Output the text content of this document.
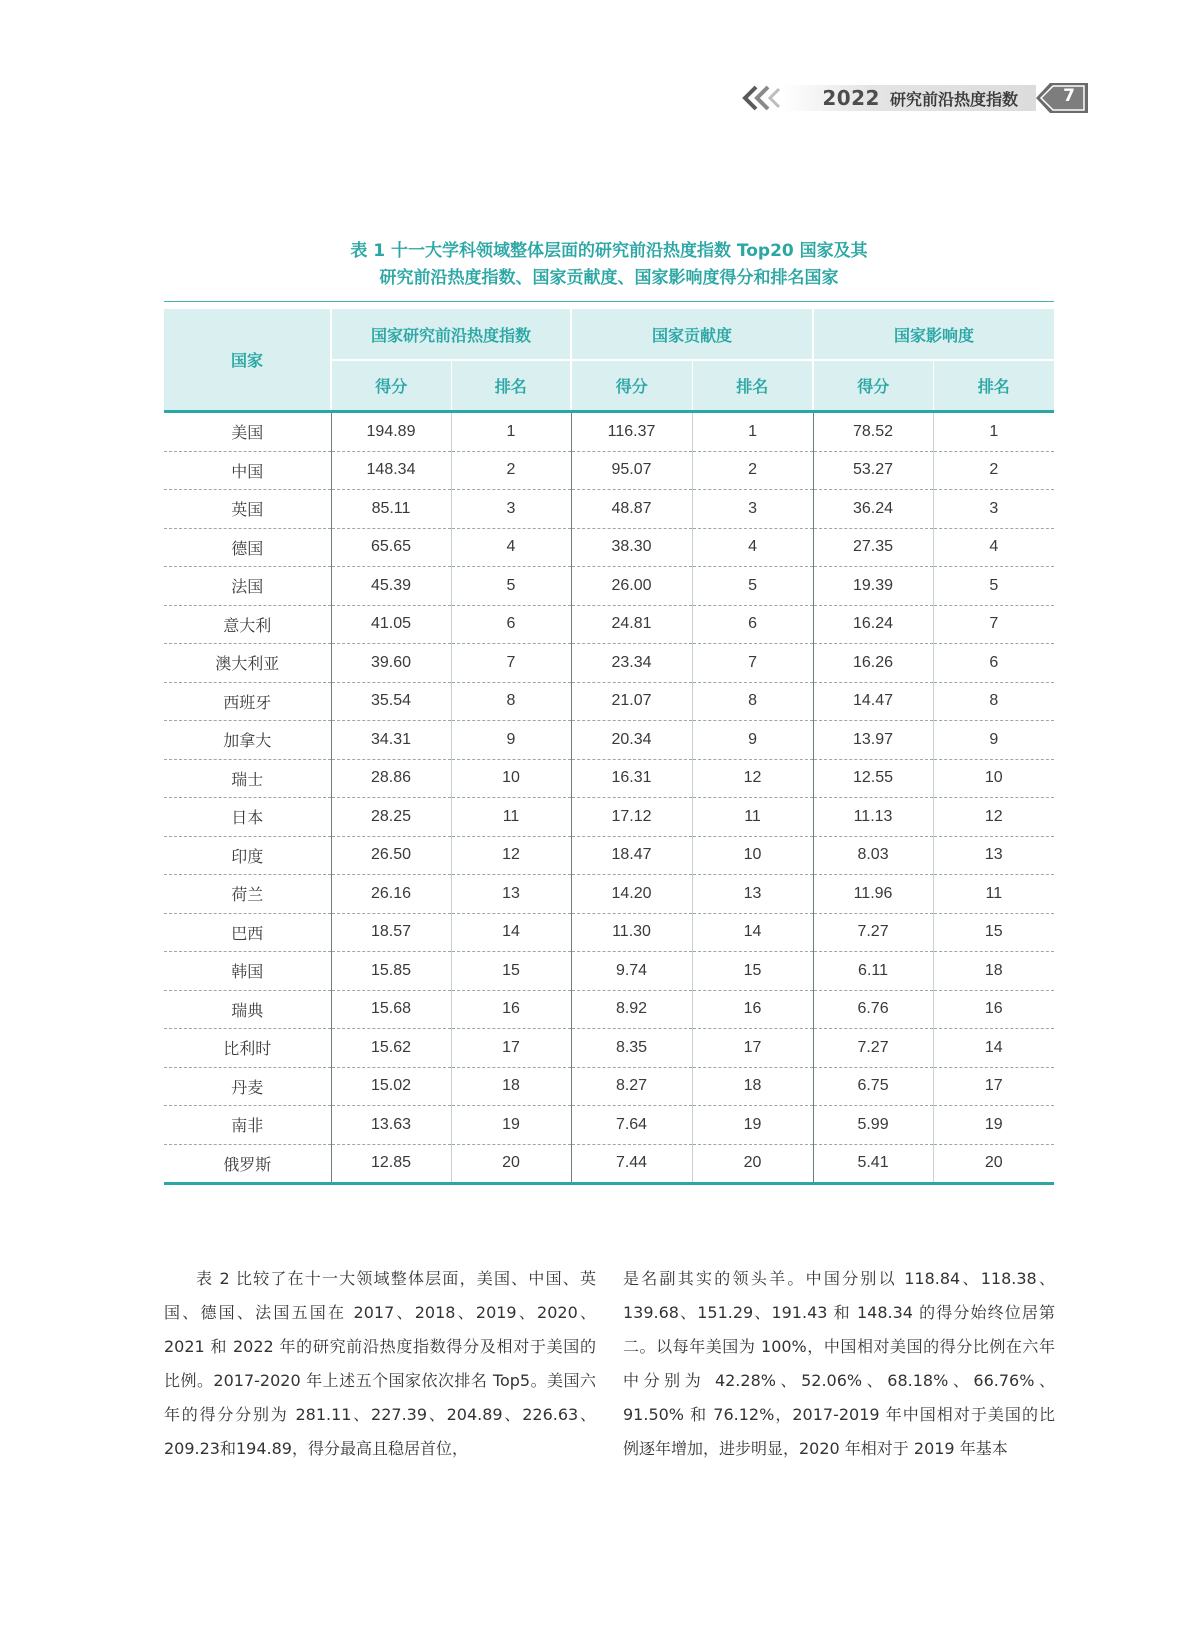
2022 研究前沿热度指数	7
表 1 十一大学科领域整体层面的研究前沿热度指数 Top20 国家及其
研究前沿热度指数、国家贡献度、国家影响度得分和排名国家
国家	国家研究前沿热度指数		国家贡献度		国家影响度	
	得分	排名	得分	排名	得分	排名
美国	194.89	1	116.37	1	78.52	1
中国	148.34	2	95.07	2	53.27	2
英国	85.11	3	48.87	3	36.24	3
德国	65.65	4	38.30	4	27.35	4
法国	45.39	5	26.00	5	19.39	5
意大利	41.05	6	24.81	6	16.24	7
澳大利亚	39.60	7	23.34	7	16.26	6
西班牙	35.54	8	21.07	8	14.47	8
加拿大	34.31	9	20.34	9	13.97	9
瑞士	28.86	10	16.31	12	12.55	10
日本	28.25	11	17.12	11	11.13	12
印度	26.50	12	18.47	10	8.03	13
荷兰	26.16	13	14.20	13	11.96	11
巴西	18.57	14	11.30	14	7.27	15
韩国	15.85	15	9.74	15	6.11	18
瑞典	15.68	16	8.92	16	6.76	16
比利时	15.62	17	8.35	17	7.27	14
丹麦	15.02	18	8.27	18	6.75	17
南非	13.63	19	7.64	19	5.99	19
俄罗斯	12.85	20	7.44	20	5.41	20
表 2 比较了在十一大领域整体层面，美国、中国、英国、德国、法国五国在 2017、2018、2019、2020、2021 和 2022 年的研究前沿热度指数得分及相对于美国的比例。2017-2020 年上述五个国家依次排名 Top5。美国六年的得分分别为 281.11、227.39、204.89、226.63、209.23和194.89，得分最高且稳居首位，
是名副其实的领头羊。中国分别以 118.84、118.38、139.68、151.29、191.43 和 148.34 的得分始终位居第二。以每年美国为 100%，中国相对美国的得分比例在六年中分别为 42.28%、52.06%、68.18%、66.76%、91.50% 和 76.12%，2017-2019 年中国相对于美国的比例逐年增加，进步明显，2020 年相对于 2019 年基本
